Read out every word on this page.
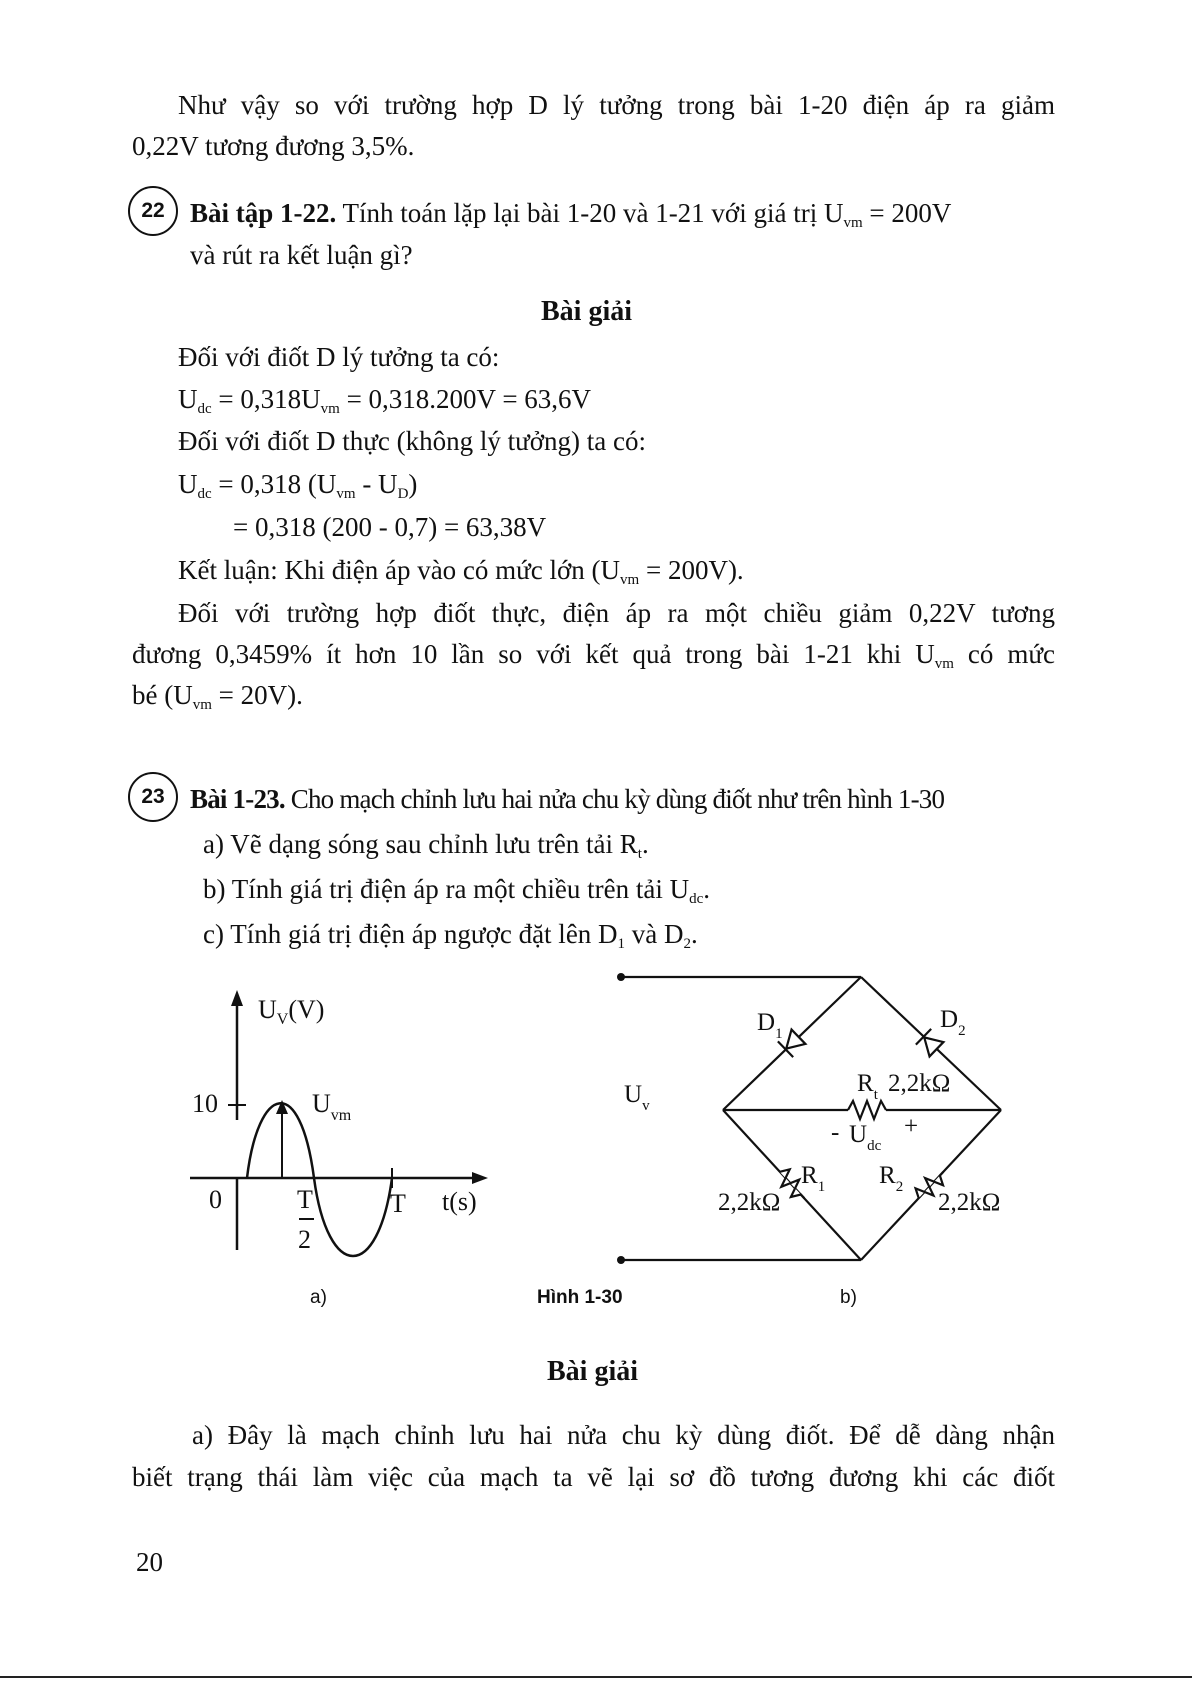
Như vậy so với trường hợp D lý tưởng trong bài 1-20 điện áp ra giảm
0,22V tương đương 3,5%.
22 Bài tập 1-22. Tính toán lặp lại bài 1-20 và 1-21 với giá trị $U_{vm} = 200V$
và rút ra kết luận gì?
Bài giải
Đối với điốt D lý tưởng ta có:
$U_{dc} = 0,318U_{vm} = 0,318.200V = 63,6V$
Đối với điốt D thực (không lý tưởng) ta có:
$U_{dc} = 0,318$ $(U_{vm} - U_D)$
= 0,318 (200 - 0,7) = 63,38V
Kết luận: Khi điện áp vào có mức lớn $(U_{vm} = 200V)$.
Đối với trường hợp điốt thực, điện áp ra một chiều giảm 0,22V tương
đương 0,3459% ít hơn 10 lần so với kết quả trong bài 1-21 khi $U_{vm}$ có mức
bé $(U_{vm} = 20V)$.
23 Bài 1-23. Cho mạch chỉnh lưu hai nửa chu kỳ dùng điốt như trên hình 1-30
a) Vẽ dạng sóng sau chỉnh lưu trên tải $R_t$.
b) Tính giá trị điện áp ra một chiều trên tải $U_{dc}$.
c) Tính giá trị điện áp ngược đặt lên $D_1$ và $D_2$.
$U_V(V)$
10
0
$U_{vm}$
T
2
T t(s)
$U_v$
$D_1$
$D_2$
$R_t$ 2,2kΩ
- $U_{dc}$
+
$R_1$
2,2kΩ
$R_2$
2,2kΩ
a)	Hình 1-30	b)
Bài giải
a) Đây là mạch chỉnh lưu hai nửa chu kỳ dùng điốt. Để dễ dàng nhận
biết trạng thái làm việc của mạch ta vẽ lại sơ đồ tương đương khi các điốt
20
